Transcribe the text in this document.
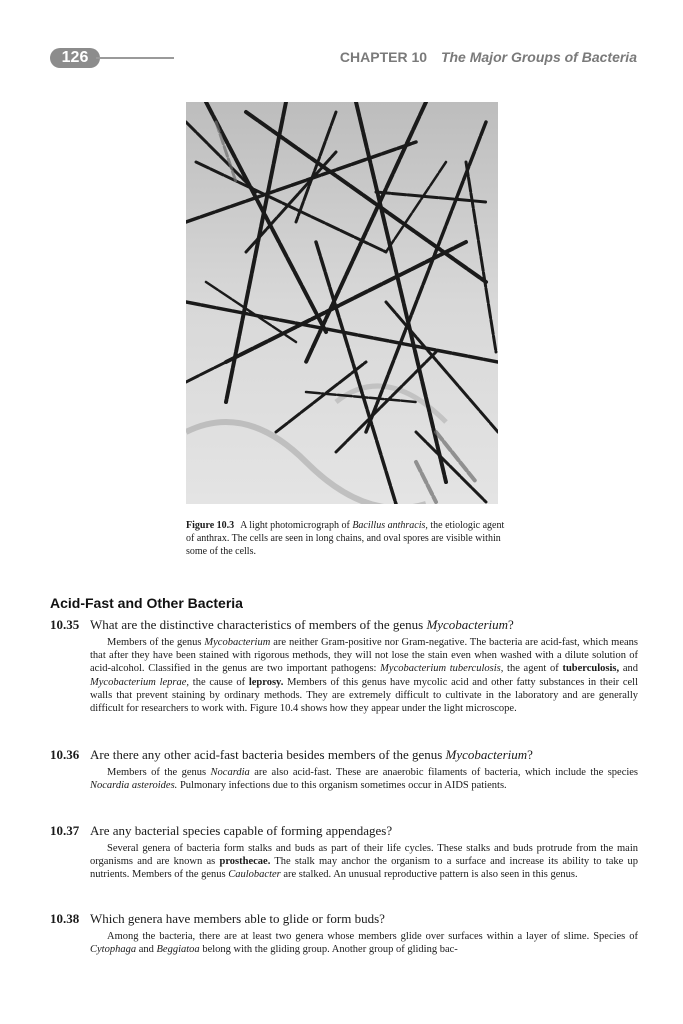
126	CHAPTER 10 The Major Groups of Bacteria
Figure 10.3 A light photomicrograph of Bacillus anthracis, the etiologic agent of anthrax. The cells are seen in long chains, and oval spores are visible within some of the cells.
Acid-Fast and Other Bacteria
10.35 What are the distinctive characteristics of members of the genus Mycobacterium?
Members of the genus Mycobacterium are neither Gram-positive nor Gram-negative. The bacteria are acid-fast, which means that after they have been stained with rigorous methods, they will not lose the stain even when washed with a dilute solution of acid-alcohol. Classified in the genus are two important pathogens: Mycobacterium tuberculosis, the agent of tuberculosis, and Mycobacterium leprae, the cause of leprosy. Members of this genus have mycolic acid and other fatty substances in their cell walls that prevent staining by ordinary methods. They are extremely difficult to cultivate in the laboratory and are generally difficult for researchers to work with. Figure 10.4 shows how they appear under the light microscope.
10.36 Are there any other acid-fast bacteria besides members of the genus Mycobacterium?
Members of the genus Nocardia are also acid-fast. These are anaerobic filaments of bacteria, which include the species Nocardia asteroides. Pulmonary infections due to this organism sometimes occur in AIDS patients.
10.37 Are any bacterial species capable of forming appendages?
Several genera of bacteria form stalks and buds as part of their life cycles. These stalks and buds protrude from the main organisms and are known as prosthecae. The stalk may anchor the organism to a surface and increase its ability to take up nutrients. Members of the genus Caulobacter are stalked. An unusual reproductive pattern is also seen in this genus.
10.38 Which genera have members able to glide or form buds?
Among the bacteria, there are at least two genera whose members glide over surfaces within a layer of slime. Species of Cytophaga and Beggiatoa belong with the gliding group. Another group of gliding bac-
